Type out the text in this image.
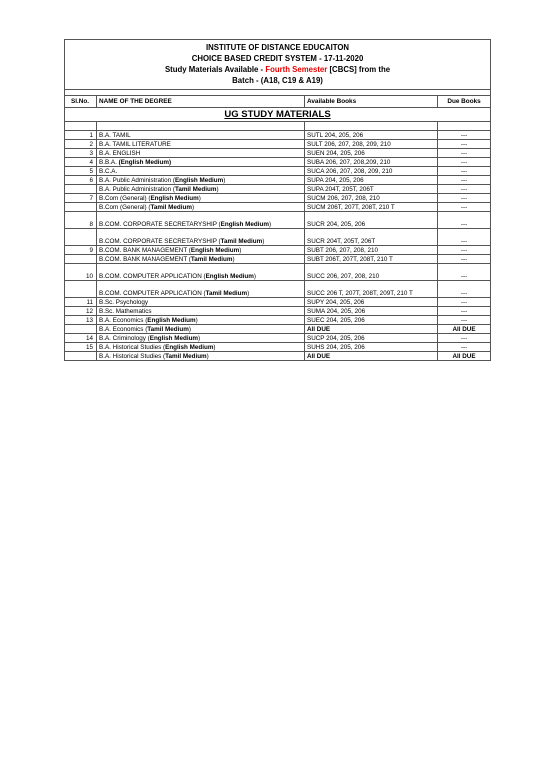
INSTITUTE OF DISTANCE EDUCAITON
CHOICE BASED CREDIT SYSTEM - 17-11-2020
Study Materials Available - Fourth Semester [CBCS] from the
Batch - (A18, C19 & A19)			

Sl.No.	NAME OF THE DEGREE	Available Books	Due Books
UG STUDY MATERIALS			

1	B.A. TAMIL	SUTL 204, 205, 206	---
2	B.A. TAMIL LITERATURE	SULT 206, 207, 208, 209, 210	---
3	B.A. ENGLISH	SUEN 204, 205, 206	---
4	B.B.A. (English Medium)	SUBA 206, 207, 208,209, 210	---
5	B.C.A.	SUCA 206, 207, 208, 209, 210	---
6	B.A. Public Administration (English Medium)	SUPA 204, 205, 206	---
	B.A. Public Administration (Tamil Medium)	SUPA 204T, 205T, 206T	---
7	B.Com (General) (English Medium)	SUCM 206, 207, 208, 210	---
	B.Com (General) (Tamil Medium)	SUCM 206T, 207T, 208T, 210 T	---
8	B.COM. CORPORATE SECRETARYSHIP (English Medium)	SUCR 204, 205, 206	---
	B.COM. CORPORATE SECRETARYSHIP (Tamil Medium)	SUCR 204T, 205T, 206T	---
9	B.COM. BANK MANAGEMENT (English Medium)	SUBT 206, 207, 208, 210	---
	B.COM. BANK MANAGEMENT (Tamil Medium)	SUBT 206T, 207T, 208T, 210 T	---
10	B.COM. COMPUTER APPLICATION (English Medium)	SUCC 206, 207, 208, 210	---
	B.COM. COMPUTER APPLICATION (Tamil Medium)	SUCC 206 T, 207T, 208T, 209T, 210 T	---
11	B.Sc. Psychology	SUPY 204, 205, 206	---
12	B.Sc. Mathematics	SUMA 204, 205, 206	---
13	B.A. Economics (English Medium)	SUEC 204, 205, 206	---
	B.A. Economics (Tamil Medium)	All DUE	All DUE
14	B.A. Criminology (English Medium)	SUCP 204, 205, 206	---
15	B.A. Historical Studies (English Medium)	SUHS 204, 205, 206	---
	B.A. Historical Studies (Tamil Medium)	All DUE	All DUE
